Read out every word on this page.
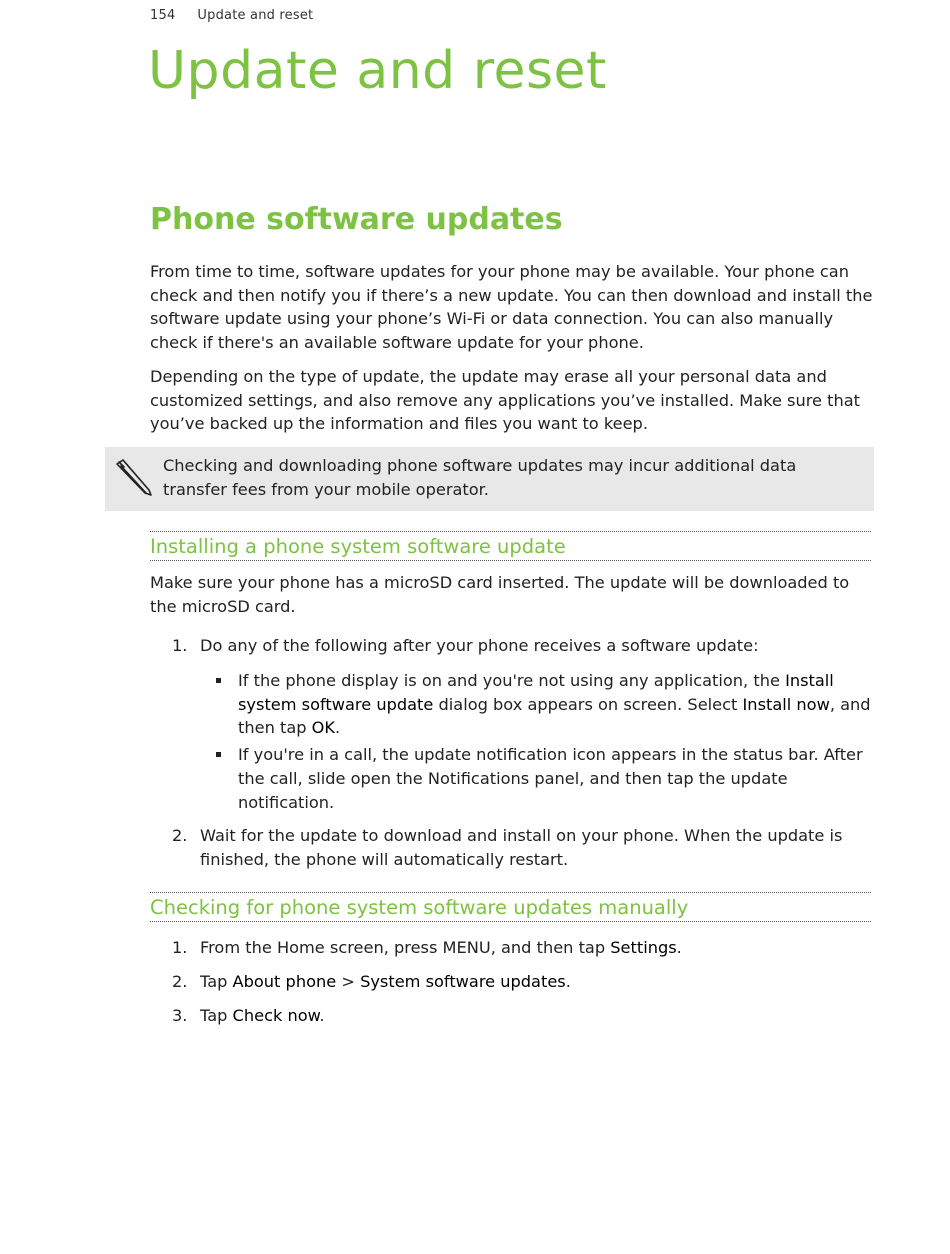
154 Update and reset
Update and reset
Phone software updates

From time to time, software updates for your phone may be available. Your phone can check and then notify you if there’s a new update. You can then download and install the software update using your phone’s Wi-Fi or data connection. You can also manually check if there's an available software update for your phone.

Depending on the type of update, the update may erase all your personal data and customized settings, and also remove any applications you’ve installed. Make sure that you’ve backed up the information and files you want to keep.

Checking and downloading phone software updates may incur additional data transfer fees from your mobile operator.

Installing a phone system software update

Make sure your phone has a microSD card inserted. The update will be downloaded to the microSD card.

1. Do any of the following after your phone receives a software update:
If the phone display is on and you're not using any application, the Install system software update dialog box appears on screen. Select Install now, and then tap OK.
If you're in a call, the update notification icon appears in the status bar. After the call, slide open the Notifications panel, and then tap the update notification.
2. Wait for the update to download and install on your phone. When the update is finished, the phone will automatically restart.
Checking for phone system software updates manually
1. From the Home screen, press MENU, and then tap Settings.
2. Tap About phone > System software updates.
3. Tap Check now.
